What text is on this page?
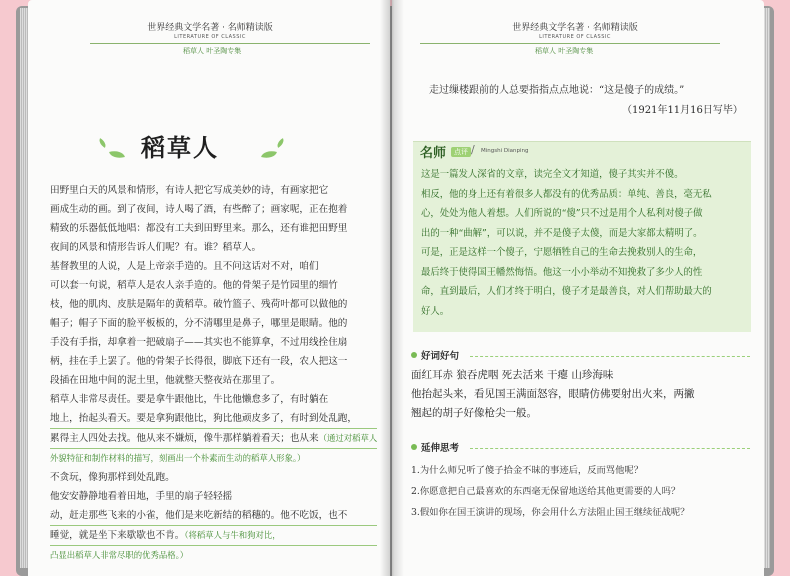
世界经典文学名著 · 名师精读版
LITERATURE OF CLASSIC
稻草人 叶圣陶专集
稻草人
田野里白天的风景和情形，有诗人把它写成美妙的诗，有画家把它
画成生动的画。到了夜间，诗人喝了酒，有些醉了；画家呢，正在抱着
精致的乐器低低地唱：都没有工夫到田野里来。那么，还有谁把田野里
夜间的风景和情形告诉人们呢？有。谁？稻草人。
基督教里的人说，人是上帝亲手造的。且不问这话对不对，咱们
可以套一句说，稻草人是农人亲手造的。他的骨架子是竹园里的细竹
枝，他的肌肉、皮肤是隔年的黄稻草。破竹篮子、残荷叶都可以做他的
帽子；帽子下面的脸平板板的，分不清哪里是鼻子，哪里是眼睛。他的
手没有手指，却拿着一把破扇子——其实也不能算拿，不过用线拴住扇
柄，挂在手上罢了。他的骨架子长得很，脚底下还有一段，农人把这一
段插在田地中间的泥土里，他就整天整夜站在那里了。
稻草人非常尽责任。要是拿牛跟他比，牛比他懒怠多了，有时躺在
地上，抬起头看天。要是拿狗跟他比，狗比他顽皮多了，有时到处乱跑，
累得主人四处去找。他从来不嫌烦，像牛那样躺着看天；也从来（通过对稻草人
外貌特征和制作材料的描写，刻画出一个朴素而生动的稻草人形象。）
不贪玩，像狗那样到处乱跑。
他安安静静地看着田地，手里的扇子轻轻摇
动，赶走那些飞来的小雀，他们是来吃新结的稻穗的。他不吃饭，也不
睡觉，就是坐下来歇歇也不肯。（将稻草人与牛和狗对比，
凸显出稻草人非常尽职的优秀品格。）
世界经典文学名著 · 名师精读版
LITERATURE OF CLASSIC
稻草人 叶圣陶专集
走过缫楼跟前的人总要指指点点地说：“这是傻子的成绩。”
（1921年11月16日写毕）
名师	点评 / Mingshi Dianping
这是一篇发人深省的文章，读完全文才知道，傻子其实并不傻。
相反，他的身上还有着很多人都没有的优秀品质：单纯、善良，毫无私
心，处处为他人着想。人们所说的“傻”只不过是用个人私利对傻子做
出的一种“曲解”，可以说，并不是傻子太傻，而是大家都太精明了。
可是，正是这样一个傻子，宁愿牺牲自己的生命去挽救别人的生命，
最后终于使得国王幡然悔悟。他这一小小举动不知挽救了多少人的性
命，直到最后，人们才终于明白，傻子才是最善良，对人们帮助最大的
好人。
好词好句
面红耳赤 狼吞虎咽 死去活来 干瘪 山珍海味
他抬起头来，看见国王满面怒容，眼睛仿佛要射出火来，两撇
翘起的胡子好像枪尖一般。
延伸思考
1.为什么师兄听了傻子拾金不昧的事迹后，反而骂他呢？
2.你愿意把自己最喜欢的东西毫无保留地送给其他更需要的人吗？
3.假如你在国王演讲的现场，你会用什么方法阻止国王继续征战呢？
